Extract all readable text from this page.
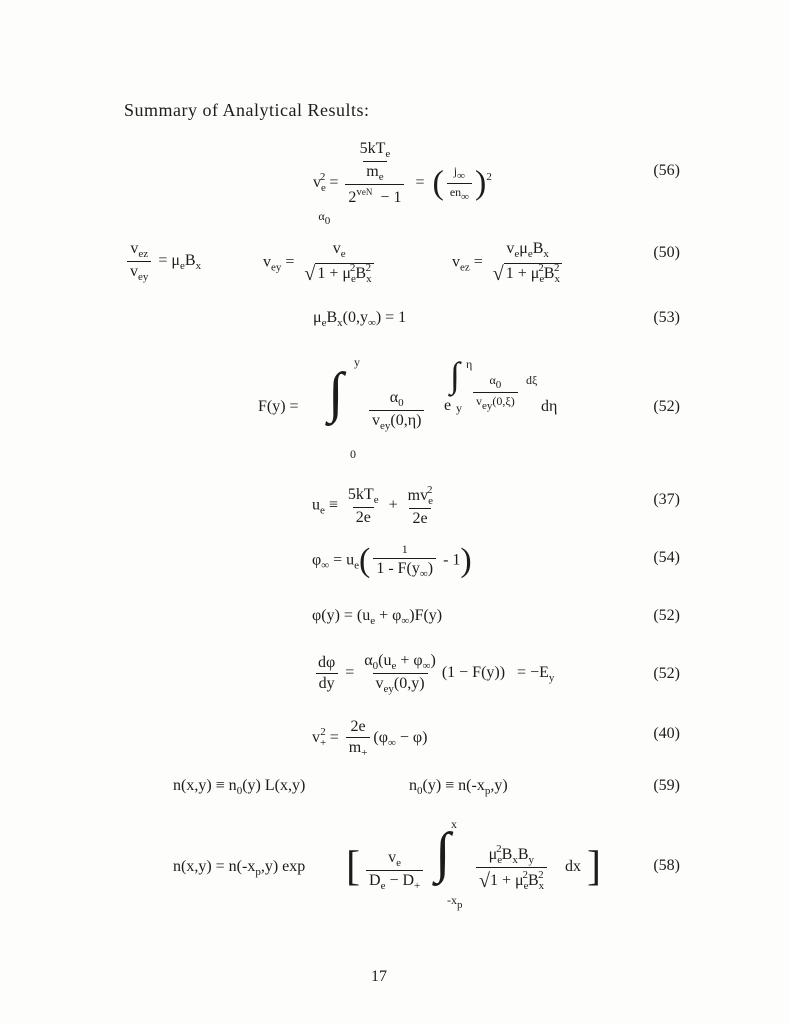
Summary of Analytical Results:
$v_e^2 = \frac{5kT_e}{m_e}$
$2^{veN} - 1$
α0
=  ( $\frac{j\infty}{en\infty} )^2$	(56)
$\frac{v_{ez}}{v_{ey}} = \mu_eB_x$	$v_{ey}$ =
$v_e$
√ $1 + \mu_e^2B_x^2$	$v_{ez}$ =
$v_e\mu_eB_x$
√ $1 + \mu_e^2B_x^2$
(50)
$\mu_eB_x(0,y_\infty) = 1$	(53)
F(y) = ∫ y
0
$\frac{\alpha_0}{v_{ey}(0,\eta)}$ e
∫ η
y $\frac{\alpha 0}{\text{vey(0,ξ)}}$ dξ
dη	(52)
$u_e \equiv \frac{5kT_e}{2e} + \frac{mv_e^2}{2e}$	(37)
$\varphi_\infty = u_e( \frac{1}{1 - F(y_\infty)} - 1)$	(54)
$\varphi(y) = (u_e + \varphi_\infty)F(y)$	(52)
$\frac{d\varphi}{dy} = \frac{\alpha_0(u_e + \varphi_\infty)}{v_{ey}(0,y)} (1 - F(y)) = -E_y$	(52)
$v_+^2 = \frac{2e}{m_+} (\varphi_\infty - \varphi)$	(40)
$n(x,y) \equiv n_0(y)$ L(x,y)	$n_0(y) \equiv n(-x_p,y)$	(59)
$n(x,y) = n(-x_p,y)$ exp [ $\frac{v_e}{D_e - D_+}$ ∫ x
-xp
$\frac{\mu_e^2B_xB_y}{√1 + \mu_e^2B_x^2}$ dx ]	(58)
17
